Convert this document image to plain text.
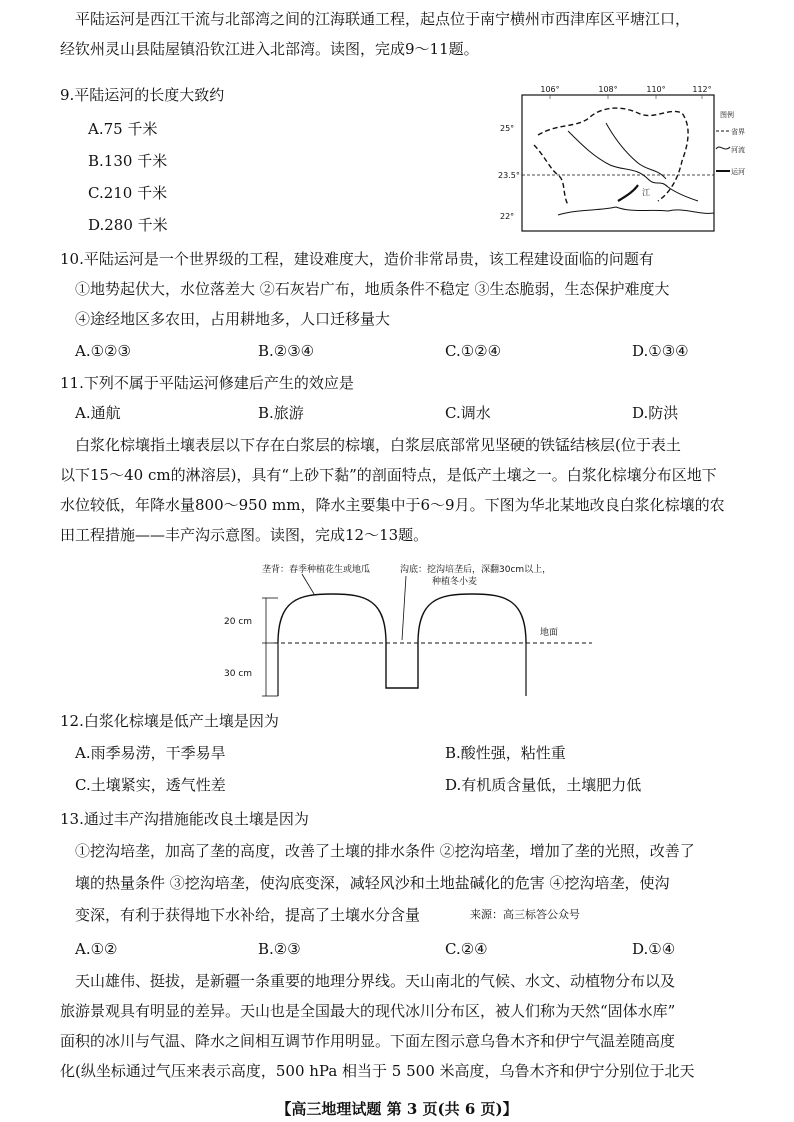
平陆运河是西江干流与北部湾之间的江海联通工程，起点位于南宁横州市西津库区平塘江口，
经钦州灵山县陆屋镇沿钦江进入北部湾。读图，完成9～11题。
9.平陆运河的长度大致约
A.75 千米
B.130 千米
C.210 千米
D.280 千米
106°	108°	110°	112°
25°
23.5°
22°
江
图例
省界
河流
运河
10.平陆运河是一个世界级的工程，建设难度大，造价非常昂贵，该工程建设面临的问题有
①地势起伏大，水位落差大 ②石灰岩广布，地质条件不稳定 ③生态脆弱，生态保护难度大
④途经地区多农田，占用耕地多，人口迁移量大
A.①②③	B.②③④	C.①②④	D.①③④
11.下列不属于平陆运河修建后产生的效应是
A.通航	B.旅游	C.调水	D.防洪
白浆化棕壤指土壤表层以下存在白浆层的棕壤，白浆层底部常见坚硬的铁锰结核层(位于表土
以下15～40 cm的淋溶层)，具有“上砂下黏”的剖面特点，是低产土壤之一。白浆化棕壤分布区地下
水位较低，年降水量800～950 mm，降水主要集中于6～9月。下图为华北某地改良白浆化棕壤的农
田工程措施——丰产沟示意图。读图，完成12～13题。
20 cm
30 cm
垄背：春季种植花生或地瓜	沟底：挖沟培垄后，深翻30cm以上，
种植冬小麦
地面
12.白浆化棕壤是低产土壤是因为
A.雨季易涝，干季易旱	B.酸性强，粘性重
C.土壤紧实，透气性差	D.有机质含量低，土壤肥力低
13.通过丰产沟措施能改良土壤是因为
①挖沟培垄，加高了垄的高度，改善了土壤的排水条件 ②挖沟培垄，增加了垄的光照，改善了
壤的热量条件 ③挖沟培垄，使沟底变深，减轻风沙和土地盐碱化的危害 ④挖沟培垄，使沟
变深，有利于获得地下水补给，提高了土壤水分含量	来源：高三标答公众号
A.①②	B.②③	C.②④	D.①④
天山雄伟、挺拔，是新疆一条重要的地理分界线。天山南北的气候、水文、动植物分布以及
旅游景观具有明显的差异。天山也是全国最大的现代冰川分布区，被人们称为天然“固体水库”
面积的冰川与气温、降水之间相互调节作用明显。下面左图示意乌鲁木齐和伊宁气温差随高度
化(纵坐标通过气压来表示高度，500 hPa 相当于 5 500 米高度，乌鲁木齐和伊宁分别位于北天
【高三地理试题 第 3 页(共 6 页)】
